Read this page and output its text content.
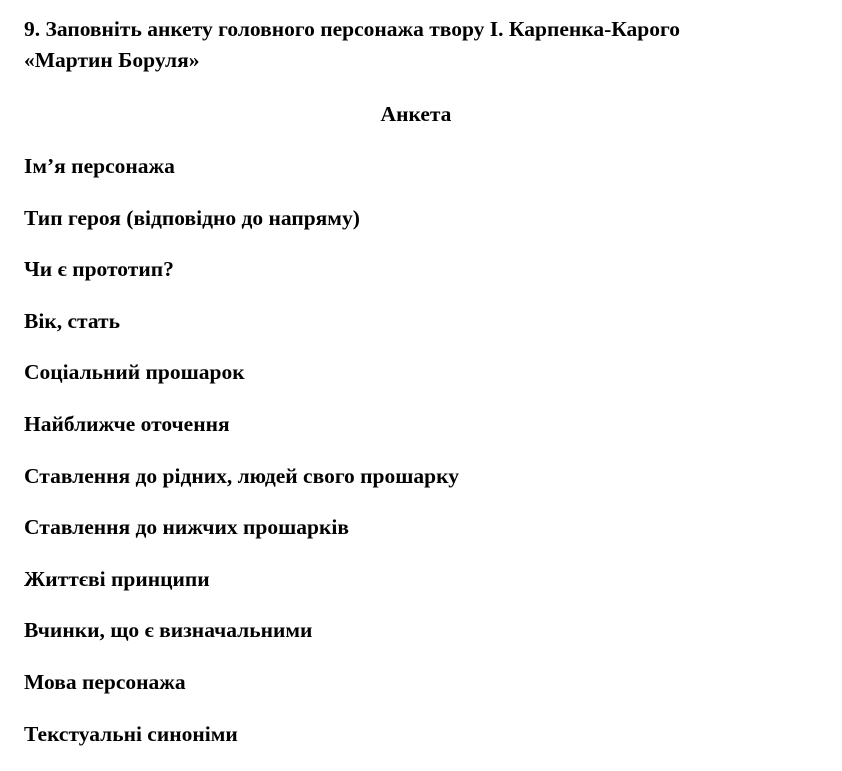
9. Заповніть анкету головного персонажа твору І. Карпенка-Карого
«Мартин Боруля»

Анкета

Ім’я персонажа
Тип героя (відповідно до напряму)
Чи є прототип?
Вік, стать
Соціальний прошарок
Найближче оточення
Ставлення до рідних, людей свого прошарку
Ставлення до нижчих прошарків
Життєві принципи
Вчинки, що є визначальними
Мова персонажа
Текстуальні синоніми
